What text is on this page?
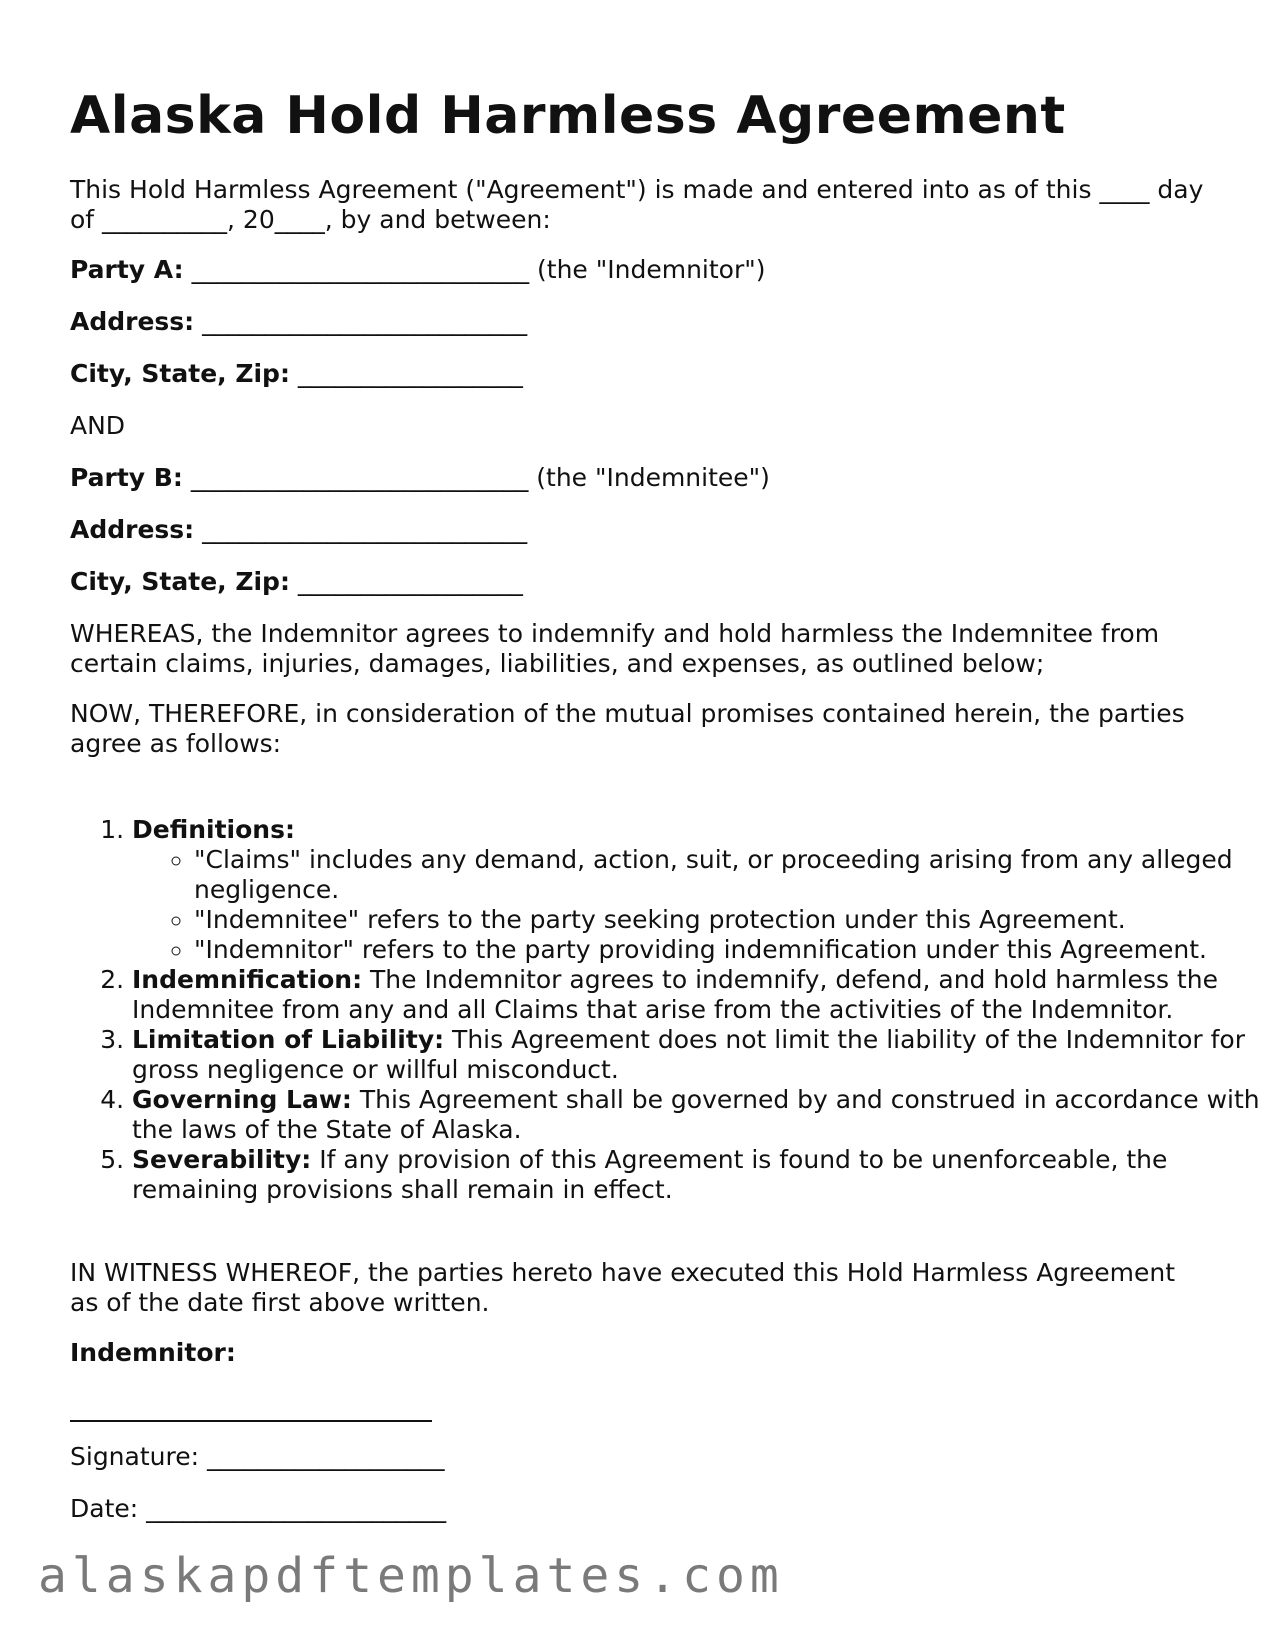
Alaska Hold Harmless Agreement
This Hold Harmless Agreement ("Agreement") is made and entered into as of this ____ day
of __________, 20____, by and between:
Party A: ___________________________ (the "Indemnitor")
Address: __________________________
City, State, Zip: __________________
AND
Party B: ___________________________ (the "Indemnitee")
Address: __________________________
City, State, Zip: __________________
WHEREAS, the Indemnitor agrees to indemnify and hold harmless the Indemnitee from
certain claims, injuries, damages, liabilities, and expenses, as outlined below;
NOW, THEREFORE, in consideration of the mutual promises contained herein, the parties
agree as follows:
1. Definitions:
◦ "Claims" includes any demand, action, suit, or proceeding arising from any alleged negligence.
◦ "Indemnitee" refers to the party seeking protection under this Agreement.
◦ "Indemnitor" refers to the party providing indemnification under this Agreement.
2. Indemnification: The Indemnitor agrees to indemnify, defend, and hold harmless the Indemnitee from any and all Claims that arise from the activities of the Indemnitor.
3. Limitation of Liability: This Agreement does not limit the liability of the Indemnitor for gross negligence or willful misconduct.
4. Governing Law: This Agreement shall be governed by and construed in accordance with the laws of the State of Alaska.
5. Severability: If any provision of this Agreement is found to be unenforceable, the remaining provisions shall remain in effect.
IN WITNESS WHEREOF, the parties hereto have executed this Hold Harmless Agreement
as of the date first above written.
Indemnitor:
Signature: ___________________
Date: ________________________
alaskapdftemplates.com
